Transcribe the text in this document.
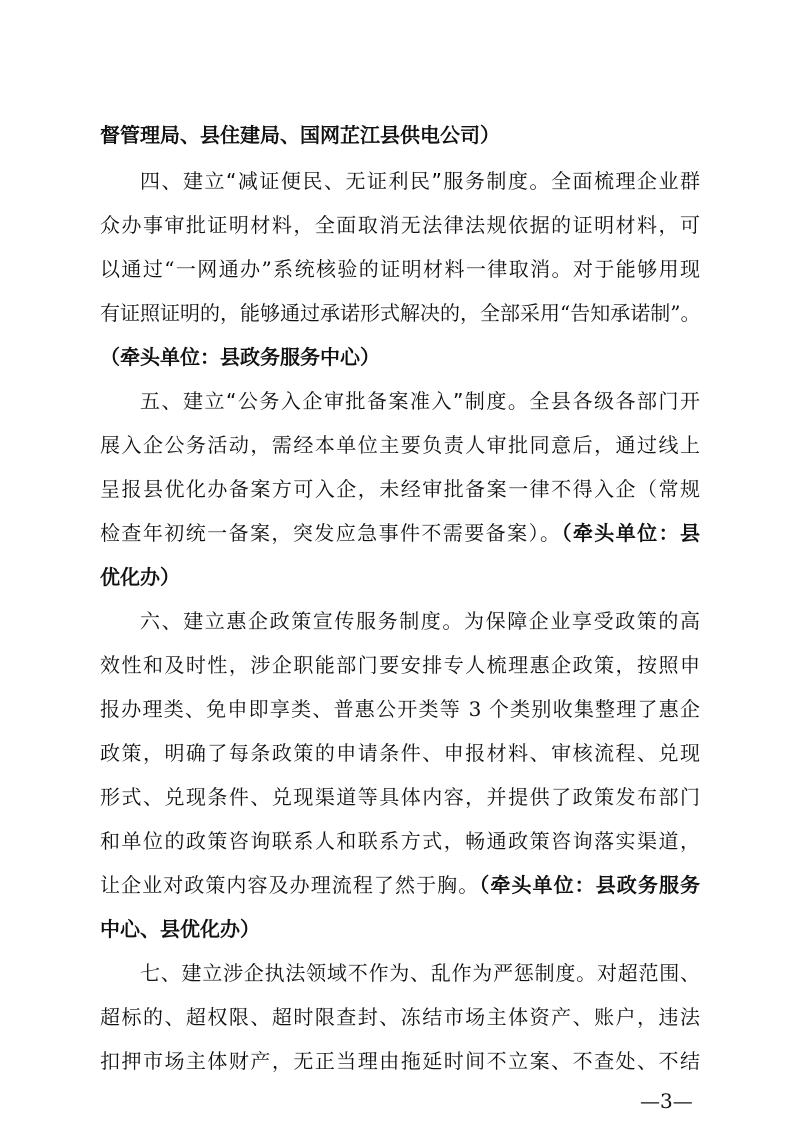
督管理局、县住建局、国网芷江县供电公司）
四、建立“减证便民、无证利民”服务制度。全面梳理企业群
众办事审批证明材料，全面取消无法律法规依据的证明材料，可
以通过“一网通办”系统核验的证明材料一律取消。对于能够用现
有证照证明的，能够通过承诺形式解决的，全部采用“告知承诺制”。
（牵头单位：县政务服务中心）
五、建立“公务入企审批备案准入”制度。全县各级各部门开
展入企公务活动，需经本单位主要负责人审批同意后，通过线上
呈报县优化办备案方可入企，未经审批备案一律不得入企（常规
检查年初统一备案，突发应急事件不需要备案）。（牵头单位：县
优化办）
六、建立惠企政策宣传服务制度。为保障企业享受政策的高
效性和及时性，涉企职能部门要安排专人梳理惠企政策，按照申
报办理类、免申即享类、普惠公开类等 3 个类别收集整理了惠企
政策，明确了每条政策的申请条件、申报材料、审核流程、兑现
形式、兑现条件、兑现渠道等具体内容，并提供了政策发布部门
和单位的政策咨询联系人和联系方式，畅通政策咨询落实渠道，
让企业对政策内容及办理流程了然于胸。（牵头单位：县政务服务
中心、县优化办）
七、建立涉企执法领域不作为、乱作为严惩制度。对超范围、
超标的、超权限、超时限查封、冻结市场主体资产、账户，违法
扣押市场主体财产，无正当理由拖延时间不立案、不查处、不结
—3—
